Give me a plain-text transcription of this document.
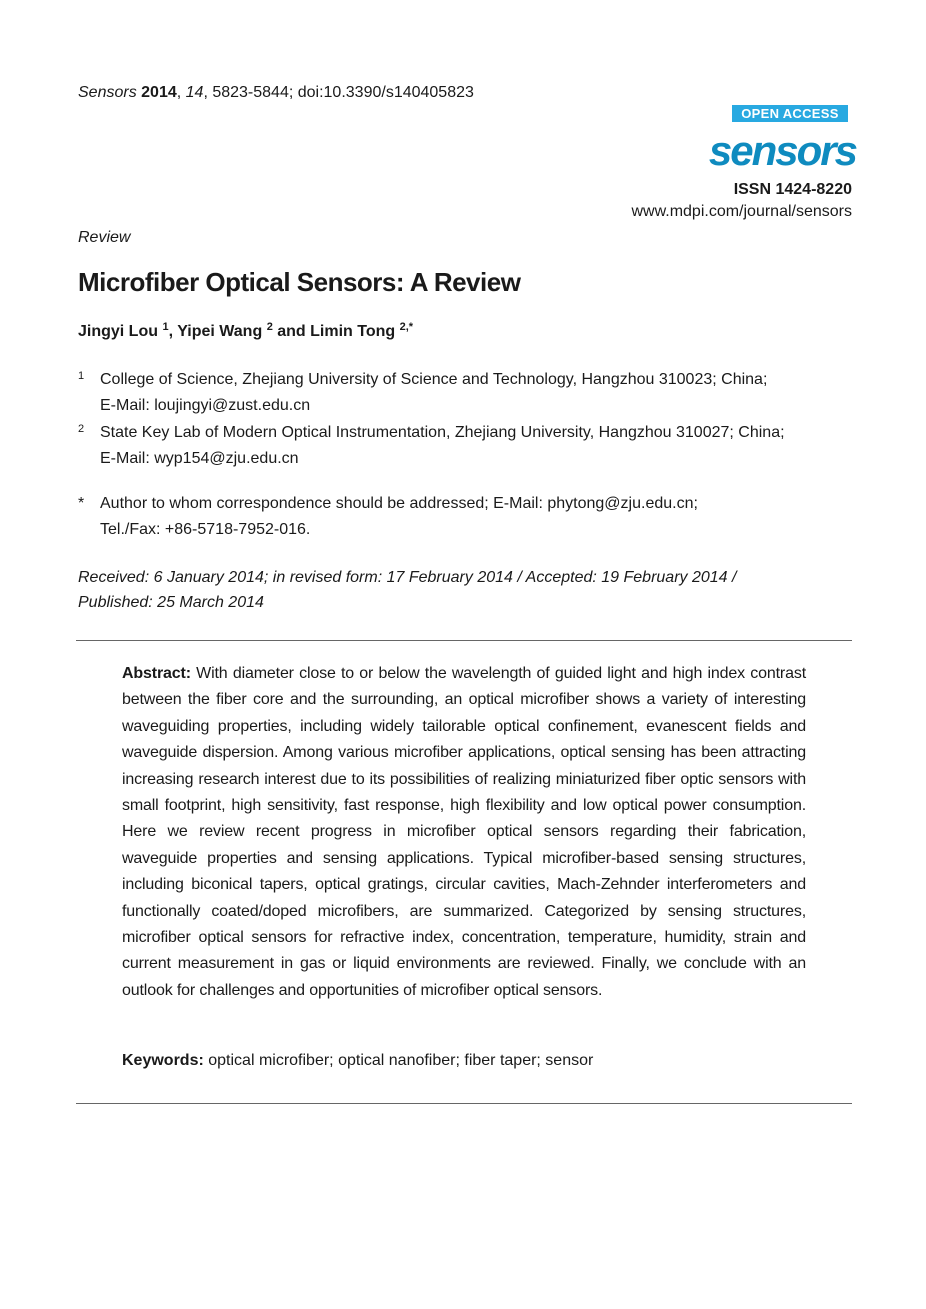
Sensors 2014, 14, 5823-5844; doi:10.3390/s140405823
OPEN ACCESS
sensors
ISSN 1424-8220
www.mdpi.com/journal/sensors
Review
Microfiber Optical Sensors: A Review
Jingyi Lou $^1$, Yipei Wang $^2$ and Limin Tong $^{2,*}$
1 College of Science, Zhejiang University of Science and Technology, Hangzhou 310023; China;
E-Mail: loujingyi@zust.edu.cn
2 State Key Lab of Modern Optical Instrumentation, Zhejiang University, Hangzhou 310027; China;
E-Mail: wyp154@zju.edu.cn
* Author to whom correspondence should be addressed; E-Mail: phytong@zju.edu.cn;
Tel./Fax: +86-5718-7952-016.
Received: 6 January 2014; in revised form: 17 February 2014 / Accepted: 19 February 2014 /
Published: 25 March 2014
Abstract: With diameter close to or below the wavelength of guided light and high index contrast between the fiber core and the surrounding, an optical microfiber shows a variety of interesting waveguiding properties, including widely tailorable optical confinement, evanescent fields and waveguide dispersion. Among various microfiber applications, optical sensing has been attracting increasing research interest due to its possibilities of realizing miniaturized fiber optic sensors with small footprint, high sensitivity, fast response, high flexibility and low optical power consumption. Here we review recent progress in microfiber optical sensors regarding their fabrication, waveguide properties and sensing applications. Typical microfiber-based sensing structures, including biconical tapers, optical gratings, circular cavities, Mach-Zehnder interferometers and functionally coated/doped microfibers, are summarized. Categorized by sensing structures, microfiber optical sensors for refractive index, concentration, temperature, humidity, strain and current measurement in gas or liquid environments are reviewed. Finally, we conclude with an outlook for challenges and opportunities of microfiber optical sensors.
Keywords: optical microfiber; optical nanofiber; fiber taper; sensor
